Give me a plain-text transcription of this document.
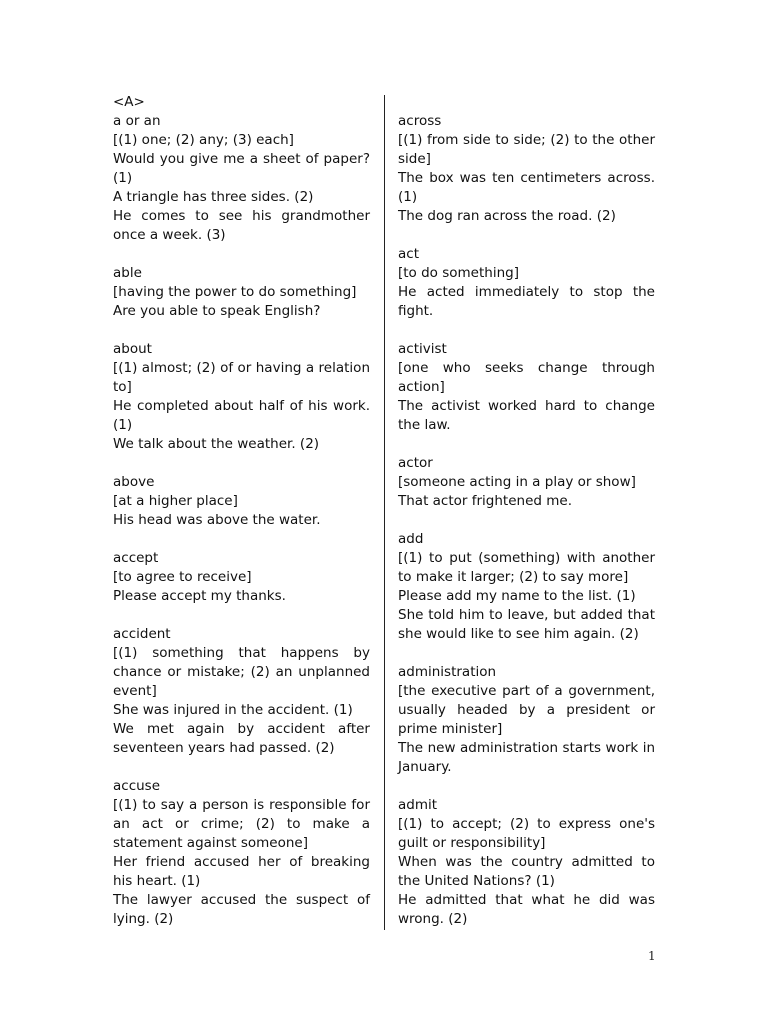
<A>
a or an
[(1) one; (2) any; (3) each]
Would you give me a sheet of paper? (1)
A triangle has three sides. (2)
He comes to see his grandmother once a week. (3)
able
[having the power to do something]
Are you able to speak English?
about
[(1) almost; (2) of or having a relation to]
He completed about half of his work. (1)
We talk about the weather. (2)
above
[at a higher place]
His head was above the water.
accept
[to agree to receive]
Please accept my thanks.
accident
[(1) something that happens by chance or mistake; (2) an unplanned event]
She was injured in the accident. (1)
We met again by accident after seventeen years had passed. (2)
accuse
[(1) to say a person is responsible for an act or crime; (2) to make a statement against someone]
Her friend accused her of breaking his heart. (1)
The lawyer accused the suspect of lying. (2)
across
[(1) from side to side; (2) to the other side]
The box was ten centimeters across. (1)
The dog ran across the road. (2)
act
[to do something]
He acted immediately to stop the fight.
activist
[one who seeks change through action]
The activist worked hard to change the law.
actor
[someone acting in a play or show]
That actor frightened me.
add
[(1) to put (something) with another to make it larger; (2) to say more]
Please add my name to the list. (1)
She told him to leave, but added that she would like to see him again. (2)
administration
[the executive part of a government, usually headed by a president or prime minister]
The new administration starts work in January.
admit
[(1) to accept; (2) to express one's guilt or responsibility]
When was the country admitted to the United Nations? (1)
He admitted that what he did was wrong. (2)
1
